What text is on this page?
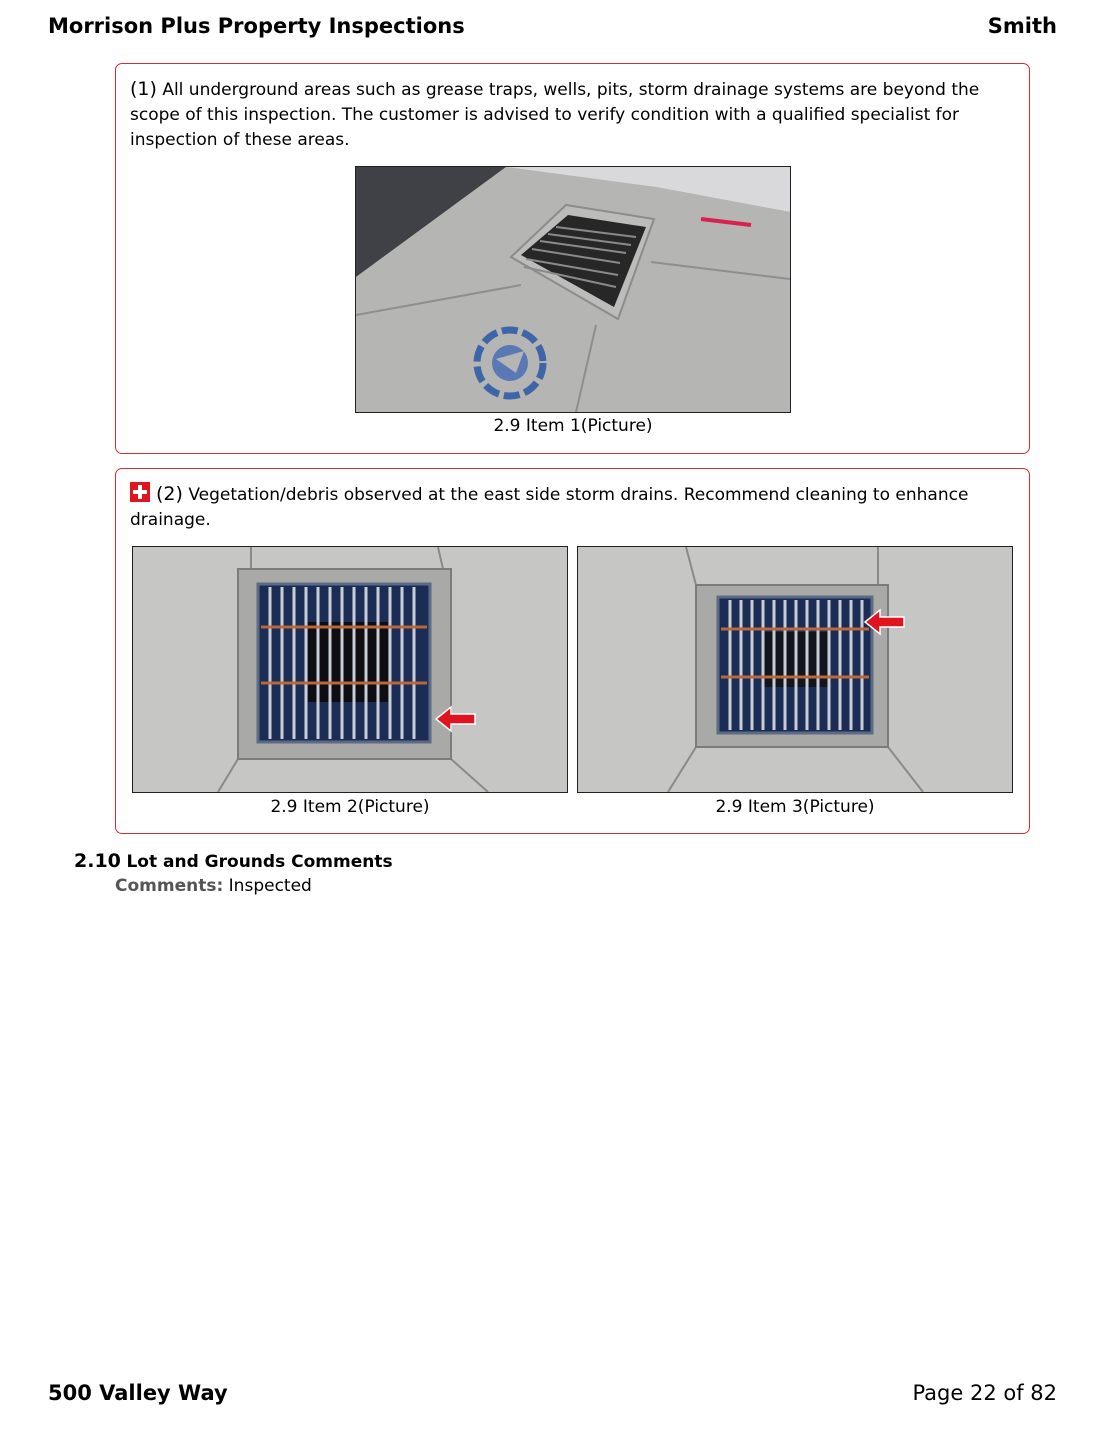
Morrison Plus Property Inspections	Smith
(1) All underground areas such as grease traps, wells, pits, storm drainage systems are beyond the scope of this inspection. The customer is advised to verify condition with a qualified specialist for inspection of these areas.
2.9 Item 1(Picture)
(2) Vegetation/debris observed at the east side storm drains. Recommend cleaning to enhance drainage.
2.9 Item 2(Picture)	2.9 Item 3(Picture)
2.10 Lot and Grounds Comments
Comments: Inspected
500 Valley Way	Page 22 of 82
